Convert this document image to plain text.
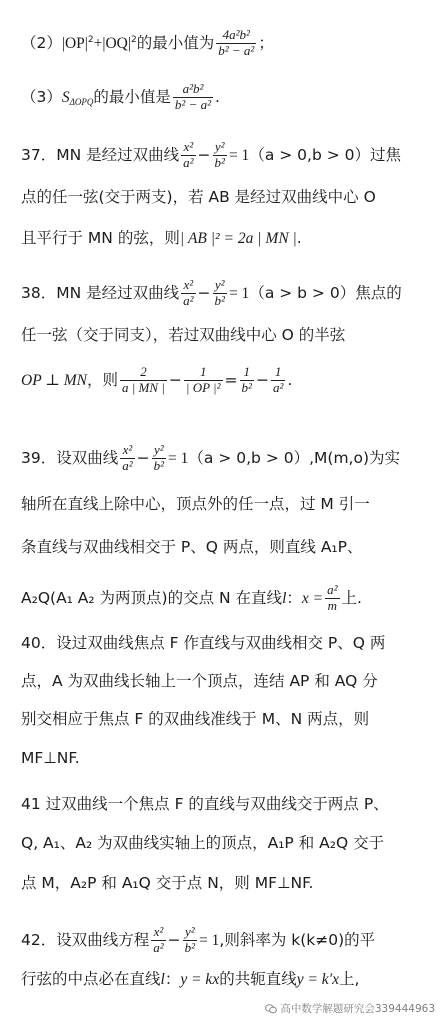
$(2)|OP|^2+|OQ|^2$的最小值为 $\frac{\text{4a²b²}}{\text{b² − a²}}$ ；
$(3)S_{\Delta OPQ}$的最小值是 $\frac{\text{a²b²}}{\text{b² − a²}}$ .
37．MN 是经过双曲线 $\frac{\text{x²}}{\text{a²}} - \frac{\text{y²}}{\text{b²}} = 1(a > 0,b > 0)$过焦
点的任一弦(交于两支)，若 AB 是经过双曲线中心 O
且平行于 MN 的弦，则| AB |² = 2a | MN |.
38．MN 是经过双曲线 $\frac{\text{x²}}{\text{a²}} - \frac{\text{y²}}{\text{b²}} = 1(a > b > 0)$焦点的
任一弦（交于同支），若过双曲线中心 O 的半弦
OP ⊥ MN，则 $\frac{2}{a | MN |} - \frac{1}{\text{| OP |²}} = \frac{1}{\text{b²}} - \frac{1}{\text{a²}}$ .
39．设双曲线 $\frac{\text{x²}}{\text{a²}} - \frac{\text{y²}}{\text{b²}} = 1(a > 0,b > 0),M(m,o)$为实
轴所在直线上除中心，顶点外的任一点，过 M 引一
条直线与双曲线相交于 P、Q 两点，则直线 A₁P、
A₂Q(A₁ A₂ 为两顶点)的交点 N 在直线l：$x = \frac{\text{a²}}{m}$ 上.
40．设过双曲线焦点 F 作直线与双曲线相交 P、Q 两
点，A 为双曲线长轴上一个顶点，连结 AP 和 AQ 分
别交相应于焦点 F 的双曲线准线于 M、N 两点，则
MF⊥NF.
41 过双曲线一个焦点 F 的直线与双曲线交于两点 P、
Q, A₁、A₂ 为双曲线实轴上的顶点，A₁P 和 A₂Q 交于
点 M，A₂P 和 A₁Q 交于点 N，则 MF⊥NF.
42．设双曲线方程 $\frac{\text{x²}}{\text{a²}} - \frac{\text{y²}}{\text{b²}} = 1$,则斜率为 k(k≠0)的平
行弦的中点必在直线l：y = kx的共轭直线y = k′x上,
高中数学解题研究会339444963
